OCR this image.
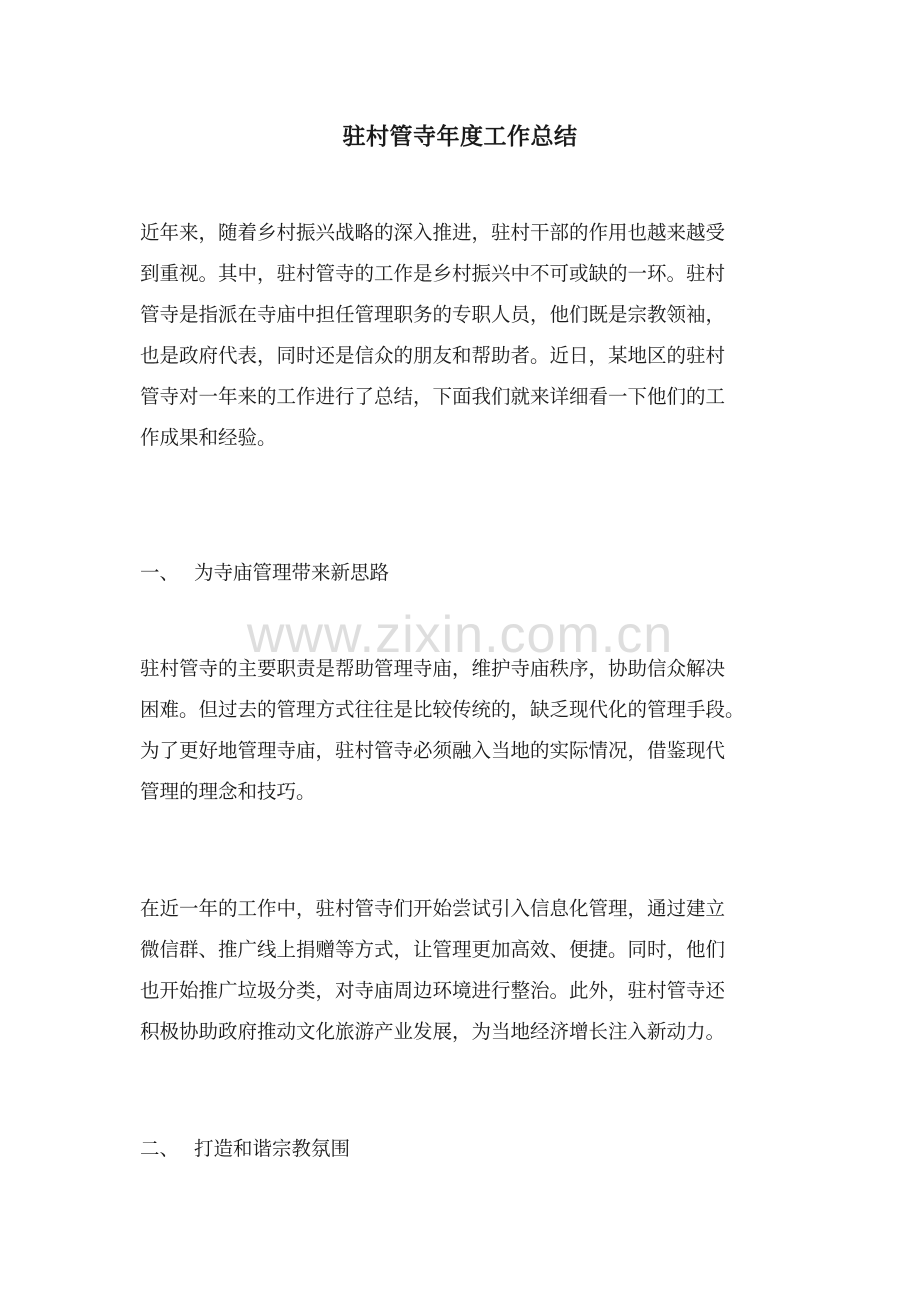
驻村管寺年度工作总结
近年来，随着乡村振兴战略的深入推进，驻村干部的作用也越来越受
到重视。其中，驻村管寺的工作是乡村振兴中不可或缺的一环。驻村
管寺是指派在寺庙中担任管理职务的专职人员，他们既是宗教领袖，
也是政府代表，同时还是信众的朋友和帮助者。近日，某地区的驻村
管寺对一年来的工作进行了总结，下面我们就来详细看一下他们的工
作成果和经验。
一、 为寺庙管理带来新思路
www.zixin.com.cn
驻村管寺的主要职责是帮助管理寺庙，维护寺庙秩序，协助信众解决
困难。但过去的管理方式往往是比较传统的，缺乏现代化的管理手段。
为了更好地管理寺庙，驻村管寺必须融入当地的实际情况，借鉴现代
管理的理念和技巧。
在近一年的工作中，驻村管寺们开始尝试引入信息化管理，通过建立
微信群、推广线上捐赠等方式，让管理更加高效、便捷。同时，他们
也开始推广垃圾分类，对寺庙周边环境进行整治。此外，驻村管寺还
积极协助政府推动文化旅游产业发展，为当地经济增长注入新动力。
二、 打造和谐宗教氛围
